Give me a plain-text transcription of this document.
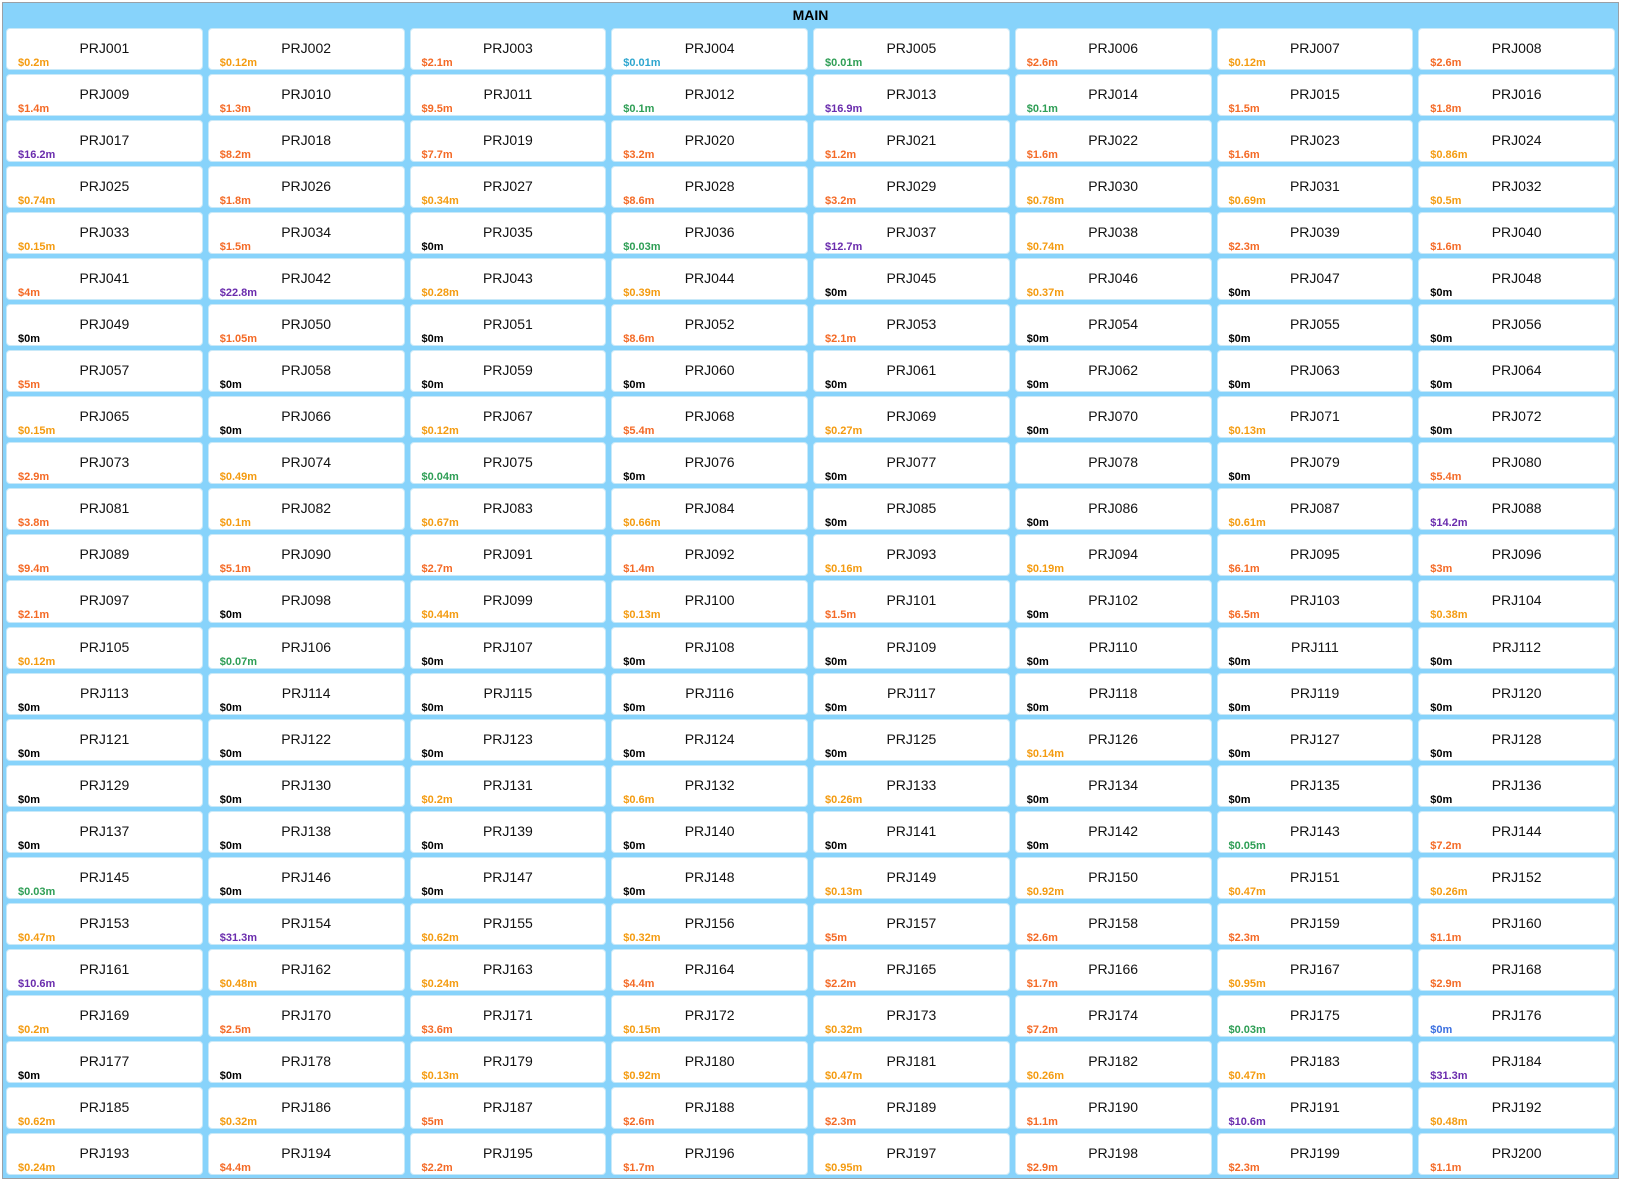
MAIN
PRJ001
$0.2m
PRJ002
$0.12m
PRJ003
$2.1m
PRJ004
$0.01m
PRJ005
$0.01m
PRJ006
$2.6m
PRJ007
$0.12m
PRJ008
$2.6m
PRJ009
$1.4m
PRJ010
$1.3m
PRJ011
$9.5m
PRJ012
$0.1m
PRJ013
$16.9m
PRJ014
$0.1m
PRJ015
$1.5m
PRJ016
$1.8m
PRJ017
$16.2m
PRJ018
$8.2m
PRJ019
$7.7m
PRJ020
$3.2m
PRJ021
$1.2m
PRJ022
$1.6m
PRJ023
$1.6m
PRJ024
$0.86m
PRJ025
$0.74m
PRJ026
$1.8m
PRJ027
$0.34m
PRJ028
$8.6m
PRJ029
$3.2m
PRJ030
$0.78m
PRJ031
$0.69m
PRJ032
$0.5m
PRJ033
$0.15m
PRJ034
$1.5m
PRJ035
$0m
PRJ036
$0.03m
PRJ037
$12.7m
PRJ038
$0.74m
PRJ039
$2.3m
PRJ040
$1.6m
PRJ041
$4m
PRJ042
$22.8m
PRJ043
$0.28m
PRJ044
$0.39m
PRJ045
$0m
PRJ046
$0.37m
PRJ047
$0m
PRJ048
$0m
PRJ049
$0m
PRJ050
$1.05m
PRJ051
$0m
PRJ052
$8.6m
PRJ053
$2.1m
PRJ054
$0m
PRJ055
$0m
PRJ056
$0m
PRJ057
$5m
PRJ058
$0m
PRJ059
$0m
PRJ060
$0m
PRJ061
$0m
PRJ062
$0m
PRJ063
$0m
PRJ064
$0m
PRJ065
$0.15m
PRJ066
$0m
PRJ067
$0.12m
PRJ068
$5.4m
PRJ069
$0.27m
PRJ070
$0m
PRJ071
$0.13m
PRJ072
$0m
PRJ073
$2.9m
PRJ074
$0.49m
PRJ075
$0.04m
PRJ076
$0m
PRJ077
$0m
PRJ078	PRJ079
$0m
PRJ080
$5.4m
PRJ081
$3.8m
PRJ082
$0.1m
PRJ083
$0.67m
PRJ084
$0.66m
PRJ085
$0m
PRJ086
$0m
PRJ087
$0.61m
PRJ088
$14.2m
PRJ089
$9.4m
PRJ090
$5.1m
PRJ091
$2.7m
PRJ092
$1.4m
PRJ093
$0.16m
PRJ094
$0.19m
PRJ095
$6.1m
PRJ096
$3m
PRJ097
$2.1m
PRJ098
$0m
PRJ099
$0.44m
PRJ100
$0.13m
PRJ101
$1.5m
PRJ102
$0m
PRJ103
$6.5m
PRJ104
$0.38m
PRJ105
$0.12m
PRJ106
$0.07m
PRJ107
$0m
PRJ108
$0m
PRJ109
$0m
PRJ110
$0m
PRJ111
$0m
PRJ112
$0m
PRJ113
$0m
PRJ114
$0m
PRJ115
$0m
PRJ116
$0m
PRJ117
$0m
PRJ118
$0m
PRJ119
$0m
PRJ120
$0m
PRJ121
$0m
PRJ122
$0m
PRJ123
$0m
PRJ124
$0m
PRJ125
$0m
PRJ126
$0.14m
PRJ127
$0m
PRJ128
$0m
PRJ129
$0m
PRJ130
$0m
PRJ131
$0.2m
PRJ132
$0.6m
PRJ133
$0.26m
PRJ134
$0m
PRJ135
$0m
PRJ136
$0m
PRJ137
$0m
PRJ138
$0m
PRJ139
$0m
PRJ140
$0m
PRJ141
$0m
PRJ142
$0m
PRJ143
$0.05m
PRJ144
$7.2m
PRJ145
$0.03m
PRJ146
$0m
PRJ147
$0m
PRJ148
$0m
PRJ149
$0.13m
PRJ150
$0.92m
PRJ151
$0.47m
PRJ152
$0.26m
PRJ153
$0.47m
PRJ154
$31.3m
PRJ155
$0.62m
PRJ156
$0.32m
PRJ157
$5m
PRJ158
$2.6m
PRJ159
$2.3m
PRJ160
$1.1m
PRJ161
$10.6m
PRJ162
$0.48m
PRJ163
$0.24m
PRJ164
$4.4m
PRJ165
$2.2m
PRJ166
$1.7m
PRJ167
$0.95m
PRJ168
$2.9m
PRJ169
$0.2m
PRJ170
$2.5m
PRJ171
$3.6m
PRJ172
$0.15m
PRJ173
$0.32m
PRJ174
$7.2m
PRJ175
$0.03m
PRJ176
$0m
PRJ177
$0m
PRJ178
$0m
PRJ179
$0.13m
PRJ180
$0.92m
PRJ181
$0.47m
PRJ182
$0.26m
PRJ183
$0.47m
PRJ184
$31.3m
PRJ185
$0.62m
PRJ186
$0.32m
PRJ187
$5m
PRJ188
$2.6m
PRJ189
$2.3m
PRJ190
$1.1m
PRJ191
$10.6m
PRJ192
$0.48m
PRJ193
$0.24m
PRJ194
$4.4m
PRJ195
$2.2m
PRJ196
$1.7m
PRJ197
$0.95m
PRJ198
$2.9m
PRJ199
$2.3m
PRJ200
$1.1m
